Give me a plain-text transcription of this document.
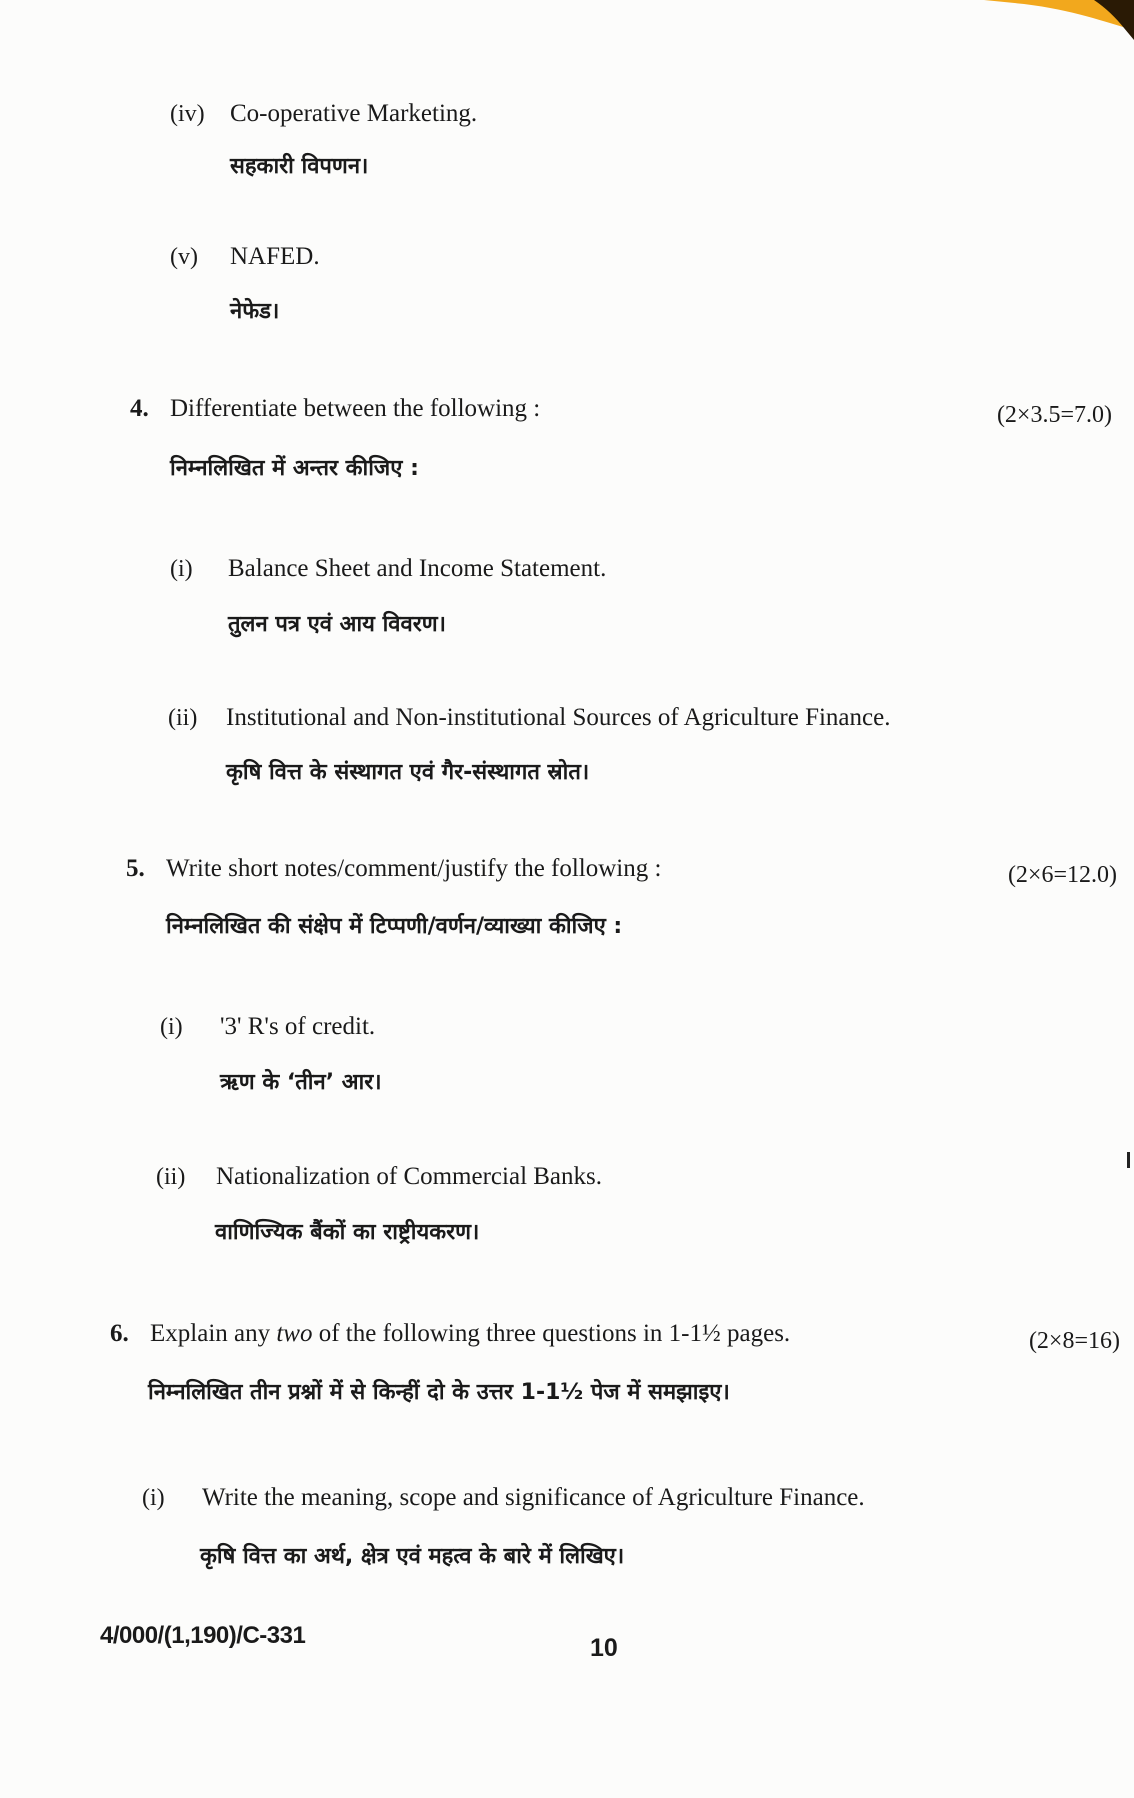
(iv) Co-operative Marketing.
सहकारी विपणन।
(v) NAFED.
नेफेड।
4. Differentiate between the following :	(2×3.5=7.0)
निम्नलिखित में अन्तर कीजिए :
(i) Balance Sheet and Income Statement.
तुलन पत्र एवं आय विवरण।
(ii) Institutional and Non-institutional Sources of Agriculture Finance.
कृषि वित्त के संस्थागत एवं गैर-संस्थागत स्रोत।
5. Write short notes/comment/justify the following :	(2×6=12.0)
निम्नलिखित की संक्षेप में टिप्पणी/वर्णन/व्याख्या कीजिए :
(i) '3' R's of credit.
ऋण के ‘तीन’ आर।
(ii) Nationalization of Commercial Banks.
वाणिज्यिक बैंकों का राष्ट्रीयकरण।
6. Explain any two of the following three questions in 1-1½ pages.	(2×8=16)
निम्नलिखित तीन प्रश्नों में से किन्हीं दो के उत्तर 1-1½ पेज में समझाइए।
(i) Write the meaning, scope and significance of Agriculture Finance.
कृषि वित्त का अर्थ, क्षेत्र एवं महत्व के बारे में लिखिए।
4/000/(1,190)/C-331	10
